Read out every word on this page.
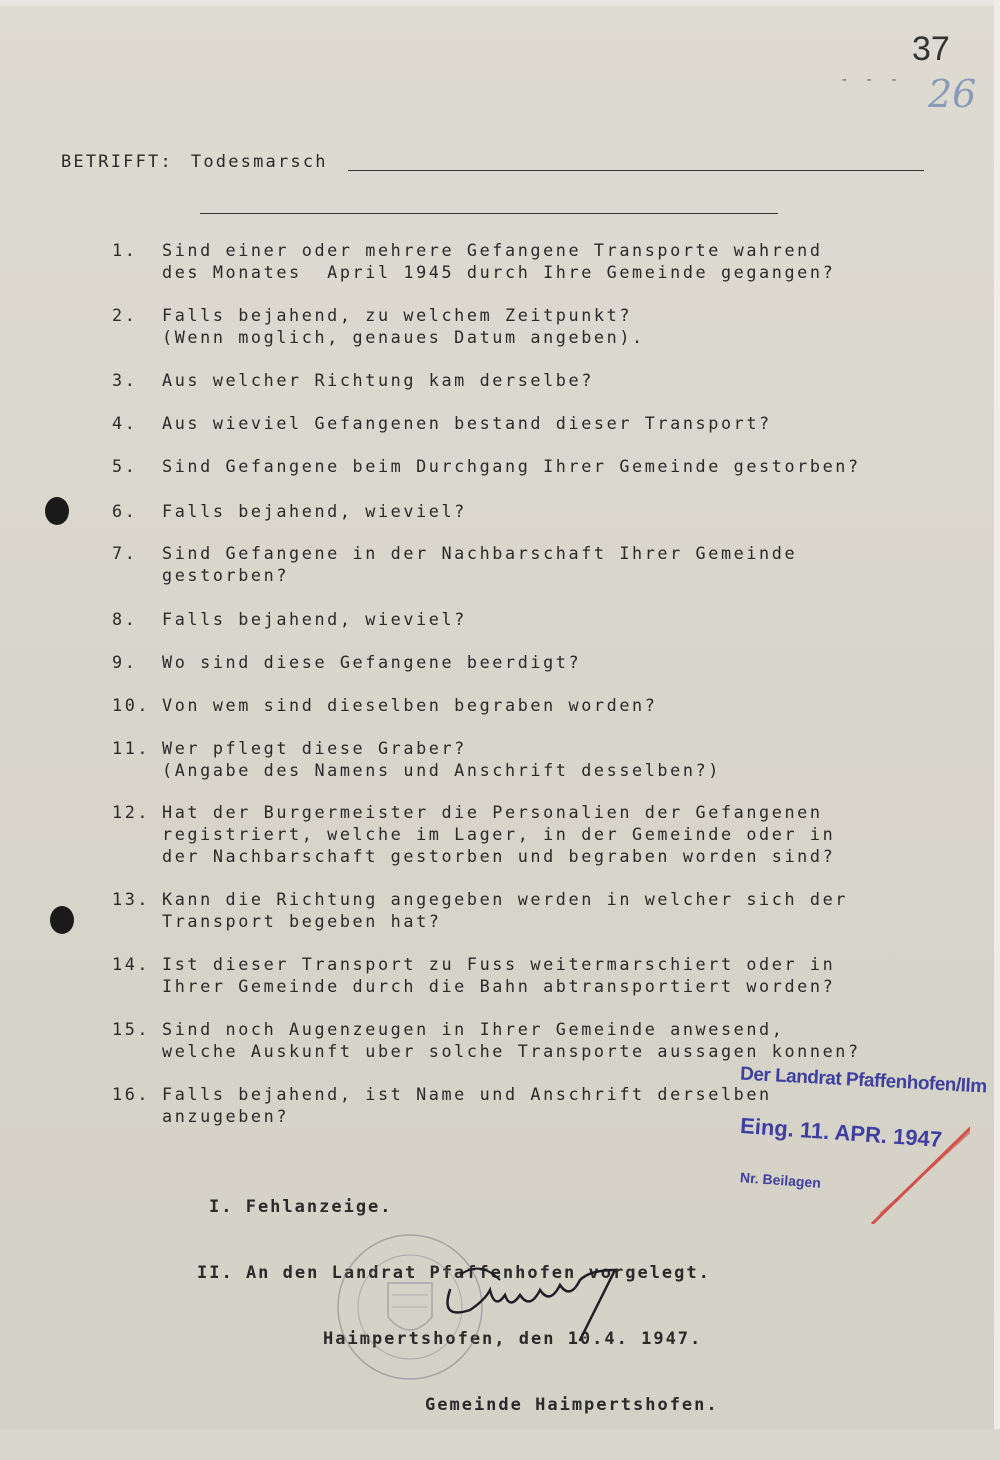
37
- - - 26
BETRIFFT: Todesmarsch
1. Sind einer oder mehrere Gefangene Transporte wahrend
des Monates  April 1945 durch Ihre Gemeinde gegangen?
2. Falls bejahend, zu welchem Zeitpunkt?
(Wenn moglich, genaues Datum angeben).
3. Aus welcher Richtung kam derselbe?
4. Aus wieviel Gefangenen bestand dieser Transport?
5. Sind Gefangene beim Durchgang Ihrer Gemeinde gestorben?
6. Falls bejahend, wieviel?
7. Sind Gefangene in der Nachbarschaft Ihrer Gemeinde
gestorben?
8. Falls bejahend, wieviel?
9. Wo sind diese Gefangene beerdigt?
10. Von wem sind dieselben begraben worden?
11. Wer pflegt diese Graber?
(Angabe des Namens und Anschrift desselben?)
12. Hat der Burgermeister die Personalien der Gefangenen
registriert, welche im Lager, in der Gemeinde oder in
der Nachbarschaft gestorben und begraben worden sind?
13. Kann die Richtung angegeben werden in welcher sich der
Transport begeben hat?
14. Ist dieser Transport zu Fuss weitermarschiert oder in
Ihrer Gemeinde durch die Bahn abtransportiert worden?
15. Sind noch Augenzeugen in Ihrer Gemeinde anwesend,
welche Auskunft uber solche Transporte aussagen konnen?
16. Falls bejahend, ist Name und Anschrift derselben
anzugeben?

I. Fehlanzeige.

II. An den Landrat Pfaffenhofen vorgelegt.

Haimpertshofen, den 10.4. 1947.

Gemeinde Haimpertshofen.

Der Landrat Pfaffenhofen/Ilm
Eing. 11. APR. 1947
Nr. Beilagen
